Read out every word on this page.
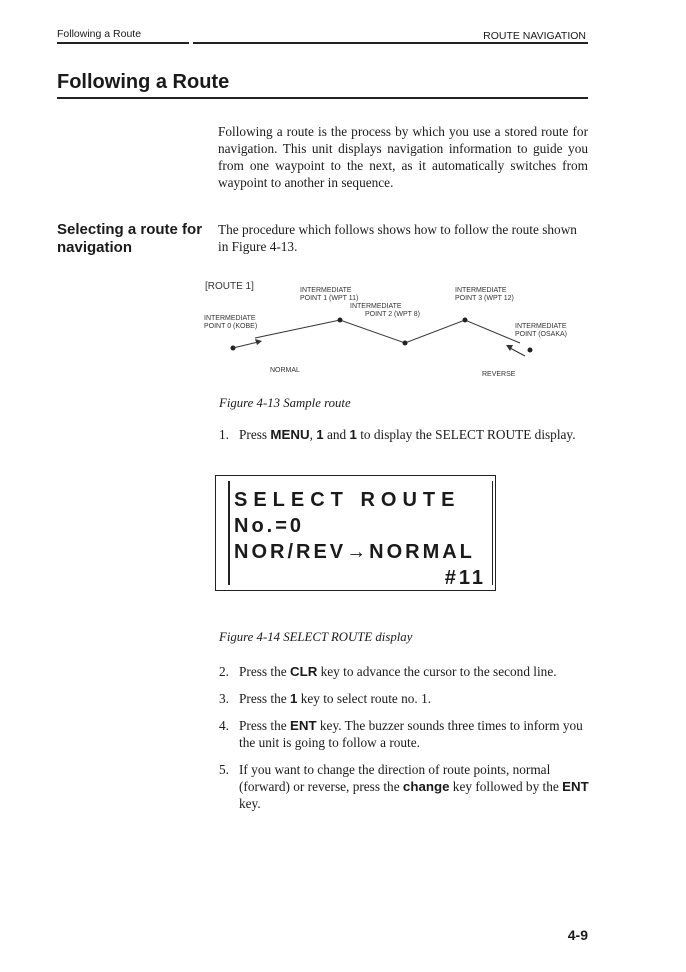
Following a Route	ROUTE NAVIGATION
Following a Route
Following a route is the process by which you use a stored route for navigation. This unit displays navigation information to guide you from one waypoint to the next, as it automatically switches from waypoint to another in sequence.
Selecting a route for navigation
The procedure which follows shows how to follow the route shown in Figure 4-13.
[ROUTE 1]	INTERMEDIATE
POINT 1 (WPT 11)
INTERMEDIATE
POINT 2 (WPT 8)
INTERMEDIATE
POINT 3 (WPT 12)
INTERMEDIATE
POINT 0 (KOBE)	INTERMEDIATE
POINT (OSAKA)
NORMAL
REVERSE
Figure 4-13 Sample route
1. Press MENU, 1 and 1 to display the SELECT ROUTE display.
SELECT ROUTE
No.=0
NOR/REV→NORMAL
#11
Figure 4-14 SELECT ROUTE display
2. Press the CLR key to advance the cursor to the second line.
3. Press the 1 key to select route no. 1.
4. Press the ENT key. The buzzer sounds three times to inform you the unit is going to follow a route.
5. If you want to change the direction of route points, normal (forward) or reverse, press the change key followed by the ENT key.
4-9
